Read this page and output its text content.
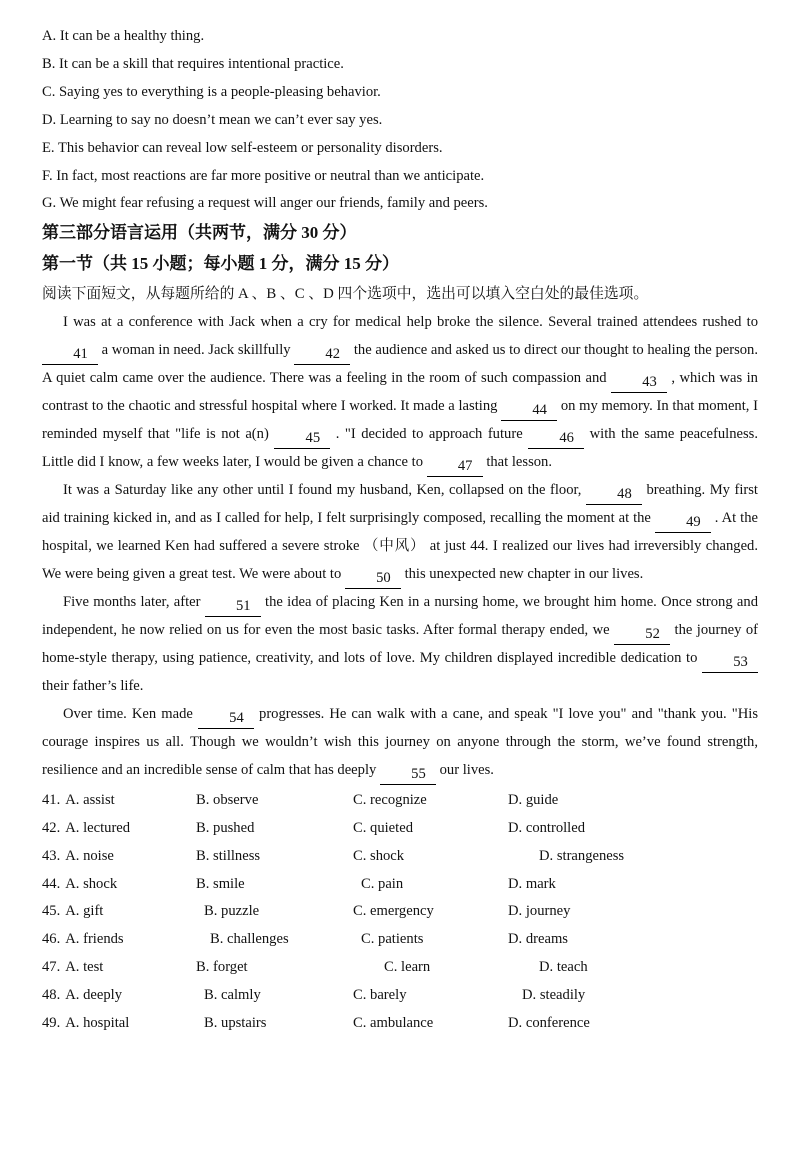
A. It can be a healthy thing.
B. It can be a skill that requires intentional practice.
C. Saying yes to everything is a people-pleasing behavior.
D. Learning to say no doesn’t mean we can’t ever say yes.
E. This behavior can reveal low self-esteem or personality disorders.
F. In fact, most reactions are far more positive or neutral than we anticipate.
G. We might fear refusing a request will anger our friends, family and peers.
第三部分语言运用（共两节，满分 30 分）
第一节（共 15 小题；每小题 1 分，满分 15 分）
阅读下面短文，从每题所给的 A 、B 、C 、D 四个选项中，选出可以填入空白处的最佳选项。

I was at a conference with Jack when a cry for medical help broke the silence. Several trained attendees rushed to 41 a woman in need. Jack skillfully 42 the audience and asked us to direct our thought to healing the person. A quiet calm came over the audience. There was a feeling in the room of such compassion and 43 , which was in contrast to the chaotic and stressful hospital where I worked. It made a lasting 44 on my memory. In that moment, I reminded myself that "life is not a(n) 45 . "I decided to approach future 46 with the same peacefulness. Little did I know, a few weeks later, I would be given a chance to 47 that lesson.

It was a Saturday like any other until I found my husband, Ken, collapsed on the floor, 48 breathing. My first aid training kicked in, and as I called for help, I felt surprisingly composed, recalling the moment at the 49 . At the hospital, we learned Ken had suffered a severe stroke （中风） at just 44. I realized our lives had irreversibly changed. We were being given a great test. We were about to 50 this unexpected new chapter in our lives.

Five months later, after 51 the idea of placing Ken in a nursing home, we brought him home. Once strong and independent, he now relied on us for even the most basic tasks. After formal therapy ended, we 52 the journey of home-style therapy, using patience, creativity, and lots of love. My children displayed incredible dedication to 53 their father’s life.

Over time. Ken made 54 progresses. He can walk with a cane, and speak "I love you" and "thank you. "His courage inspires us all. Though we wouldn’t wish this journey on anyone through the storm, we’ve found strength, resilience and an incredible sense of calm that has deeply 55 our lives.

41. A. assist	B. observe	C. recognize	D. guide
42. A. lectured	B. pushed	C. quieted	D. controlled
43. A. noise	B. stillness	C. shock	D. strangeness
44. A. shock	B. smile	C. pain	D. mark
45. A. gift	B. puzzle	C. emergency	D. journey
46. A. friends	B. challenges	C. patients	D. dreams
47. A. test	B. forget	C. learn	D. teach
48. A. deeply	B. calmly	C. barely	D. steadily
49. A. hospital	B. upstairs	C. ambulance	D. conference
